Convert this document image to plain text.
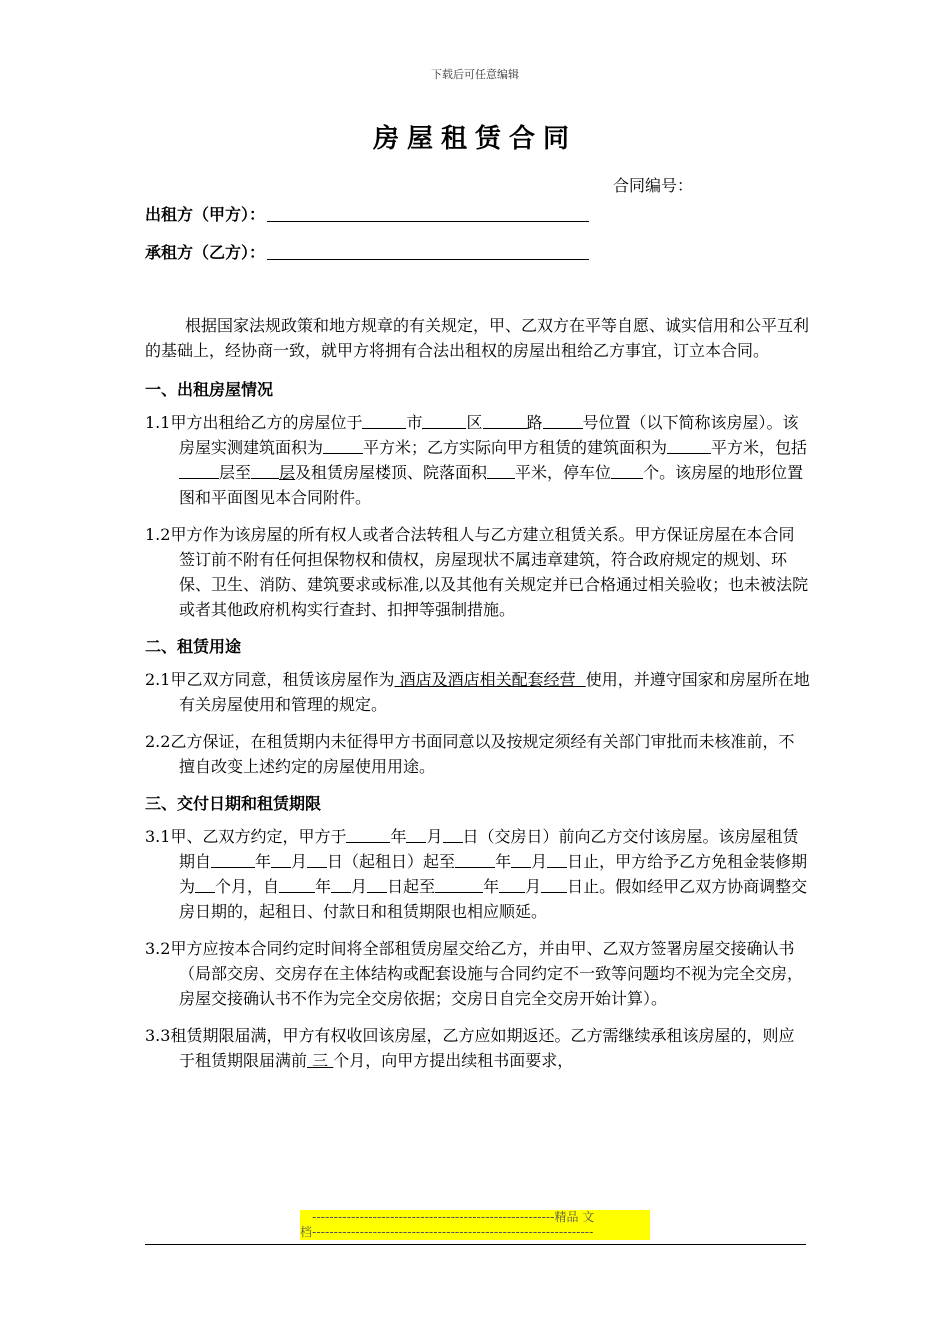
下载后可任意编辑
房屋租赁合同
合同编号：
出租方（甲方）：
承租方（乙方）：

根据国家法规政策和地方规章的有关规定，甲、乙双方在平等自愿、诚实信用和公平互利的基础上，经协商一致，就甲方将拥有合法出租权的房屋出租给乙方事宜，订立本合同。

一、出租房屋情况

1.1甲方出租给乙方的房屋位于	市	区	路	号位置（以下简称该房屋）。该房屋实测建筑面积为	平方米；乙方实际向甲方租赁的建筑面积为	平方米，包括层至 层及租赁房屋楼顶、院落面积 平米，停车位 个。该房屋的地形位置图和平面图见本合同附件。

1.2甲方作为该房屋的所有权人或者合法转租人与乙方建立租赁关系。甲方保证房屋在本合同签订前不附有任何担保物权和债权，房屋现状不属违章建筑，符合政府规定的规划、环保、卫生、消防、建筑要求或标准,以及其他有关规定并已合格通过相关验收；也未被法院或者其他政府机构实行查封、扣押等强制措施。

二、租赁用途

2.1甲乙双方同意，租赁该房屋作为 酒店及酒店相关配套经营 使用，并遵守国家和房屋所在地有关房屋使用和管理的规定。

2.2乙方保证，在租赁期内未征得甲方书面同意以及按规定须经有关部门审批而未核准前，不擅自改变上述约定的房屋使用用途。

三、交付日期和租赁期限

3.1甲、乙双方约定，甲方于	年 月 日（交房日）前向乙方交付该房屋。该房屋租赁期自	年 月 日（起租日）起至	年 月 日止，甲方给予乙方免租金装修期为 个月，自 年 月 日起至	年 月 日止。假如经甲乙双方协商调整交房日期的，起租日、付款日和租赁期限也相应顺延。

3.2甲方应按本合同约定时间将全部租赁房屋交给乙方，并由甲、乙双方签署房屋交接确认书（局部交房、交房存在主体结构或配套设施与合同约定不一致等问题均不视为完全交房，房屋交接确认书不作为完全交房依据；交房日自完全交房开始计算）。

3.3租赁期限届满，甲方有权收回该房屋，乙方应如期返还。乙方需继续承租该房屋的，则应于租赁期限届满前 三 个月，向甲方提出续租书面要求，

--------------------------------------------------------精品 文
档-----------------------------------------------------------------
